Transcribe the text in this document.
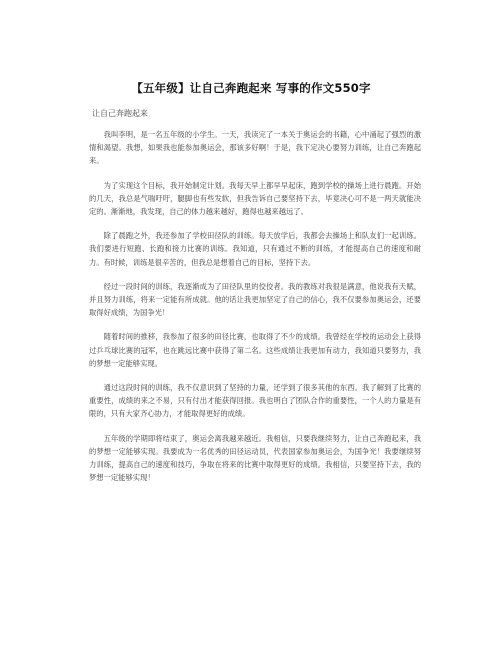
【五年级】让自己奔跑起来 写事的作文550字
让自己奔跑起来

我叫李明，是一名五年级的小学生。一天，我读完了一本关于奥运会的书籍，心中涌起了强烈的激情和渴望。我想，如果我也能参加奥运会，那该多好啊！于是，我下定决心要努力训练，让自己奔跑起来。

为了实现这个目标，我开始制定计划。我每天早上都早早起床，跑到学校的操场上进行晨跑。开始的几天，我总是气喘吁吁，腿脚也有些发软，但我告诉自己要坚持下去，毕竟决心可不是一两天就能决定的。渐渐地，我发现，自己的体力越来越好，跑得也越来越远了。

除了晨跑之外，我还参加了学校田径队的训练。每天放学后，我都会去操场上和队友们一起训练。我们要进行短跑、长跑和接力比赛的训练。我知道，只有通过不断的训练，才能提高自己的速度和耐力。有时候，训练是很辛苦的，但我总是想着自己的目标，坚持下去。

经过一段时间的训练，我逐渐成为了田径队里的佼佼者。我的教练对我很是满意，他说我有天赋，并且努力训练，将来一定能有所成就。他的话让我更加坚定了自己的信心，我不仅要参加奥运会，还要取得好成绩，为国争光！

随着时间的推移，我参加了很多的田径比赛，也取得了不少的成绩。我曾经在学校的运动会上获得过乒乓球比赛的冠军，也在跳远比赛中获得了第二名。这些成绩让我更加有动力，我知道只要努力，我的梦想一定能够实现。

通过这段时间的训练，我不仅意识到了坚持的力量，还学到了很多其他的东西。我了解到了比赛的重要性，成绩的来之不易，只有付出才能获得回报。我也明白了团队合作的重要性，一个人的力量是有限的，只有大家齐心协力，才能取得更好的成绩。

五年级的学期即将结束了，奥运会离我越来越近。我相信，只要我继续努力，让自己奔跑起来，我的梦想一定能够实现。我要成为一名优秀的田径运动员，代表国家参加奥运会，为国争光！我要继续努力训练，提高自己的速度和技巧，争取在将来的比赛中取得更好的成绩。我相信，只要坚持下去，我的梦想一定能够实现！
